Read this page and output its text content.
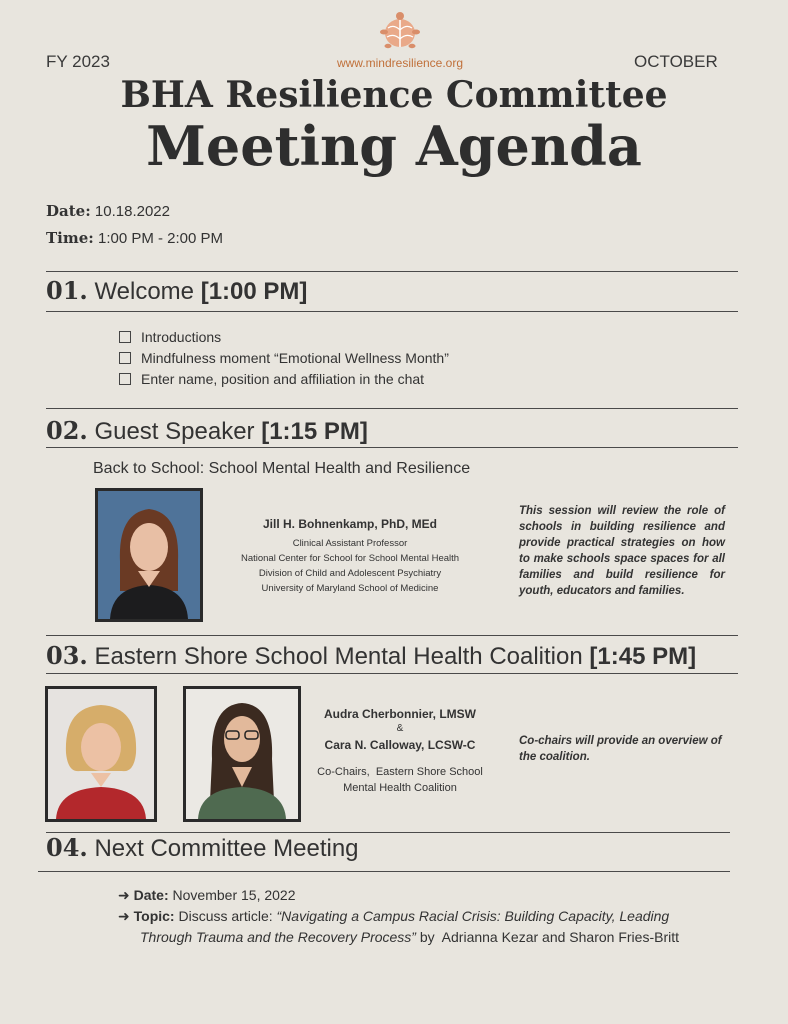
FY 2023	OCTOBER
www.mindresilience.org
BHA Resilience Committee
Meeting Agenda
Date: 10.18.2022
Time: 1:00 PM - 2:00 PM
01. Welcome [1:00 PM]
Introductions
Mindfulness moment “Emotional Wellness Month”
Enter name, position and affiliation in the chat
02. Guest Speaker [1:15 PM]
Back to School: School Mental Health and Resilience
Jill H. Bohnenkamp, PhD, MEd
Clinical Assistant Professor
National Center for School for School Mental Health
Division of Child and Adolescent Psychiatry
University of Maryland School of Medicine
This session will review the role of schools in building resilience and provide practical strategies on how to make schools space spaces for all families and build resilience for youth, educators and families.
03. Eastern Shore School Mental Health Coalition [1:45 PM]
Audra Cherbonnier, LMSW
&
Cara N. Calloway, LCSW-C
Co-Chairs,  Eastern Shore School
Mental Health Coalition
Co-chairs will provide an overview of the coalition.
04. Next Committee Meeting
➜ Date: November 15, 2022
➜ Topic: Discuss article: “Navigating a Campus Racial Crisis: Building Capacity, Leading
Through Trauma and the Recovery Process” by  Adrianna Kezar and Sharon Fries-Britt
